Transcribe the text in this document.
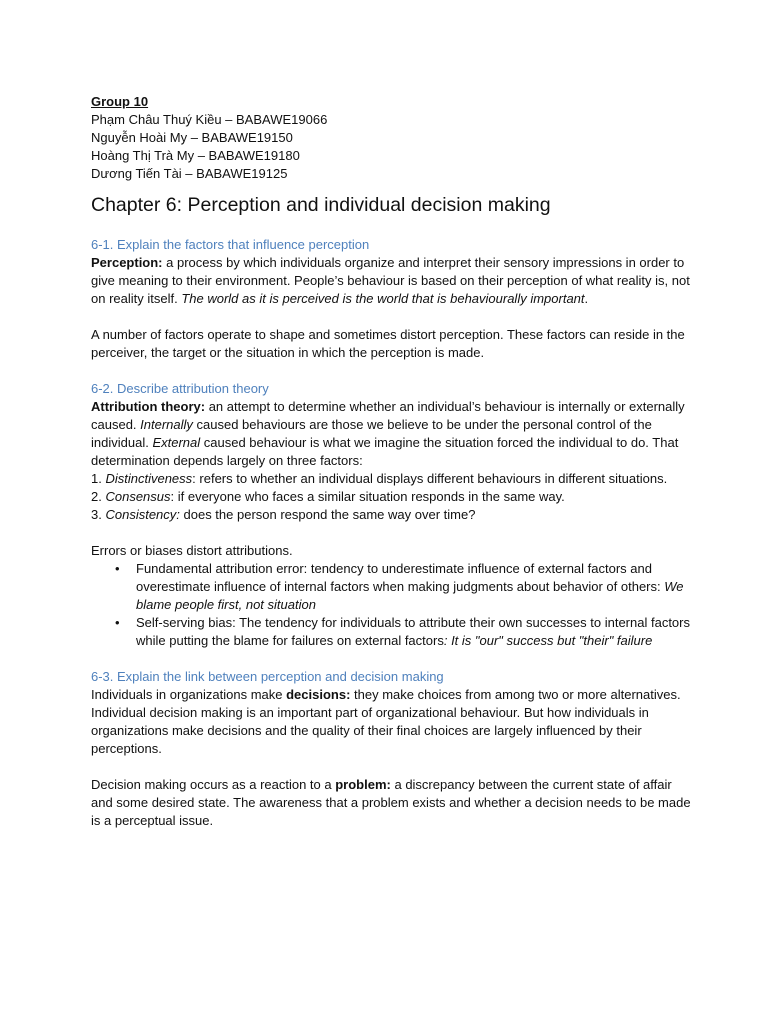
Group 10
Phạm Châu Thuý Kiều – BABAWE19066
Nguyễn Hoài My – BABAWE19150
Hoàng Thị Trà My – BABAWE19180
Dương Tiến Tài – BABAWE19125
Chapter 6: Perception and individual decision making

6-1. Explain the factors that influence perception

Perception: a process by which individuals organize and interpret their sensory impressions in order to give meaning to their environment. People’s behaviour is based on their perception of what reality is, not on reality itself. The world as it is perceived is the world that is behaviourally important.

A number of factors operate to shape and sometimes distort perception. These factors can reside in the perceiver, the target or the situation in which the perception is made.

6-2. Describe attribution theory

Attribution theory: an attempt to determine whether an individual’s behaviour is internally or externally caused. Internally caused behaviours are those we believe to be under the personal control of the individual. External caused behaviour is what we imagine the situation forced the individual to do. That determination depends largely on three factors:

1. Distinctiveness: refers to whether an individual displays different behaviours in different situations.

2. Consensus: if everyone who faces a similar situation responds in the same way.

3. Consistency: does the person respond the same way over time?

Errors or biases distort attributions.

• Fundamental attribution error: tendency to underestimate influence of external factors and overestimate influence of internal factors when making judgments about behavior of others: We blame people first, not situation
• Self-serving bias: The tendency for individuals to attribute their own successes to internal factors while putting the blame for failures on external factors: It is "our" success but "their" failure

6-3. Explain the link between perception and decision making

Individuals in organizations make decisions: they make choices from among two or more alternatives. Individual decision making is an important part of organizational behaviour. But how individuals in organizations make decisions and the quality of their final choices are largely influenced by their perceptions.

Decision making occurs as a reaction to a problem: a discrepancy between the current state of affair and some desired state. The awareness that a problem exists and whether a decision needs to be made is a perceptual issue.
